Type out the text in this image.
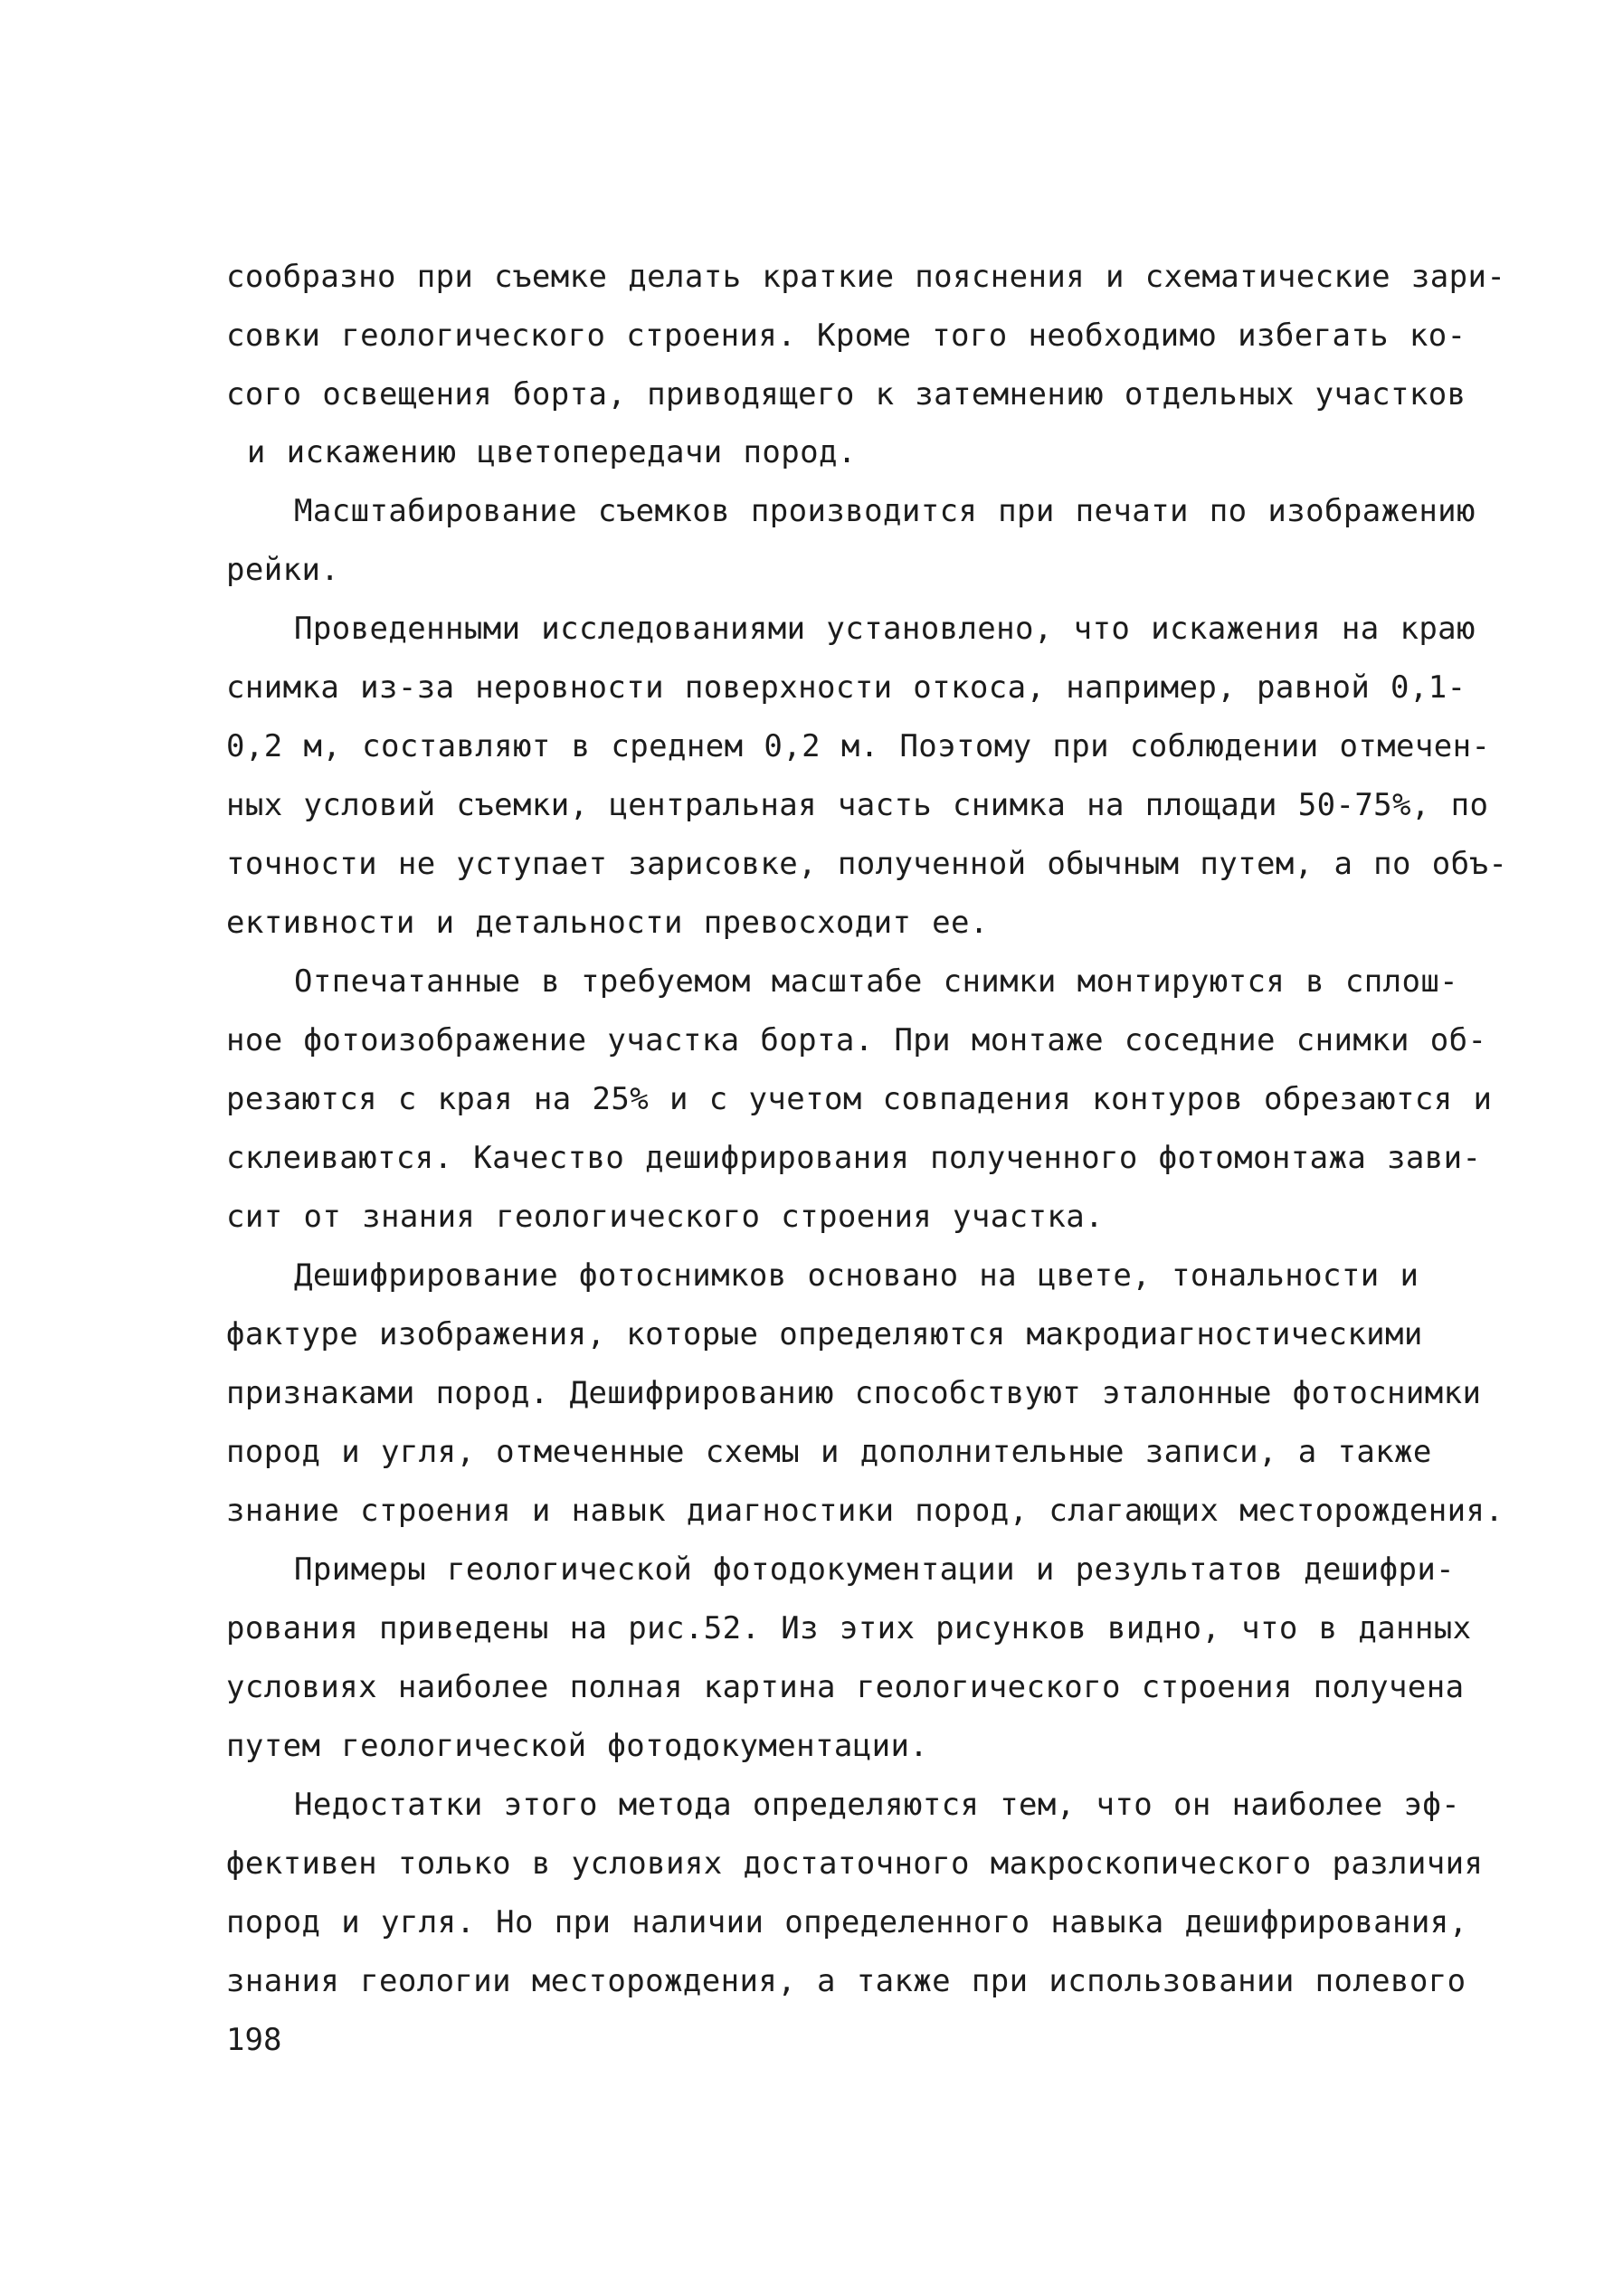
сообразно при съемке делать краткие пояснения и схематические зари-
совки геологического строения. Кроме того необходимо избегать ко-
сого освещения борта, приводящего к затемнению отдельных участков
и искажению цветопередачи пород.
Масштабирование съемков производится при печати по изображению
рейки.
Проведенными исследованиями установлено, что искажения на краю
снимка из-за неровности поверхности откоса, например, равной 0,1-
0,2 м, составляют в среднем 0,2 м. Поэтому при соблюдении отмечен-
ных условий съемки, центральная часть снимка на площади 50-75%, по
точности не уступает зарисовке, полученной обычным путем, а по объ-
ективности и детальности превосходит ее.
Отпечатанные в требуемом масштабе снимки монтируются в сплош-
ное фотоизображение участка борта. При монтаже соседние снимки об-
резаются с края на 25% и с учетом совпадения контуров обрезаются и
склеиваются. Качество дешифрирования полученного фотомонтажа зави-
сит от знания геологического строения участка.
Дешифрирование фотоснимков основано на цвете, тональности и
фактуре изображения, которые определяются макродиагностическими
признаками пород. Дешифрированию способствуют эталонные фотоснимки
пород и угля, отмеченные схемы и дополнительные записи, а также
знание строения и навык диагностики пород, слагающих месторождения.
Примеры геологической фотодокументации и результатов дешифри-
рования приведены на рис.52. Из этих рисунков видно, что в данных
условиях наиболее полная картина геологического строения получена
путем геологической фотодокументации.
Недостатки этого метода определяются тем, что он наиболее эф-
фективен только в условиях достаточного макроскопического различия
пород и угля. Но при наличии определенного навыка дешифрирования,
знания геологии месторождения, а также при использовании полевого
198
